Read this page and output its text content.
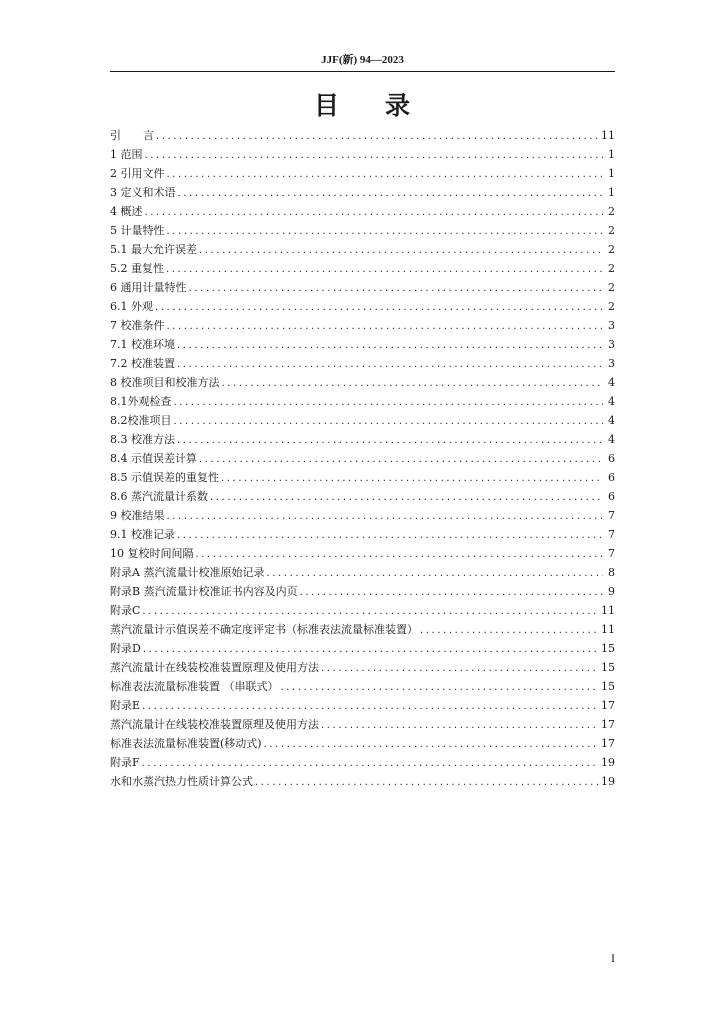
JJF(新) 94—2023
目录
引　　言 .....	11
1 范围 .....	1
2 引用文件 .....	1
3 定义和术语 .....	1
4 概述 .....	2
5 计量特性 .....	2
5.1 最大允许误差 .....	2
5.2 重复性 .....	2
6 通用计量特性 .....	2
6.1 外观 .....	2
7 校准条件 .....	3
7.1 校准环境 .....	3
7.2 校准装置 .....	3
8 校准项目和校准方法 .....	4
8.1外观检查 .....	4
8.2校准项目 .....	4
8.3 校准方法 .....	4
8.4 示值误差计算 .....	6
8.5 示值误差的重复性 .....	6
8.6 蒸汽流量计系数 .....	6
9 校准结果 .....	7
9.1 校准记录 .....	7
10 复校时间间隔 .....	7
附录A 蒸汽流量计校准原始记录 .....	8
附录B 蒸汽流量计校准证书内容及内页 .....	9
附录C .....	11
蒸汽流量计示值误差不确定度评定书（标准表法流量标准装置） .....	11
附录D .....	15
蒸汽流量计在线装校准装置原理及使用方法 .....	15
标准表法流量标准装置 （串联式） .....	15
附录E .....	17
蒸汽流量计在线装校准装置原理及使用方法 .....	17
标准表法流量标准装置(移动式) .....	17
附录F .....	19
水和水蒸汽热力性质计算公式 .....	19
I
